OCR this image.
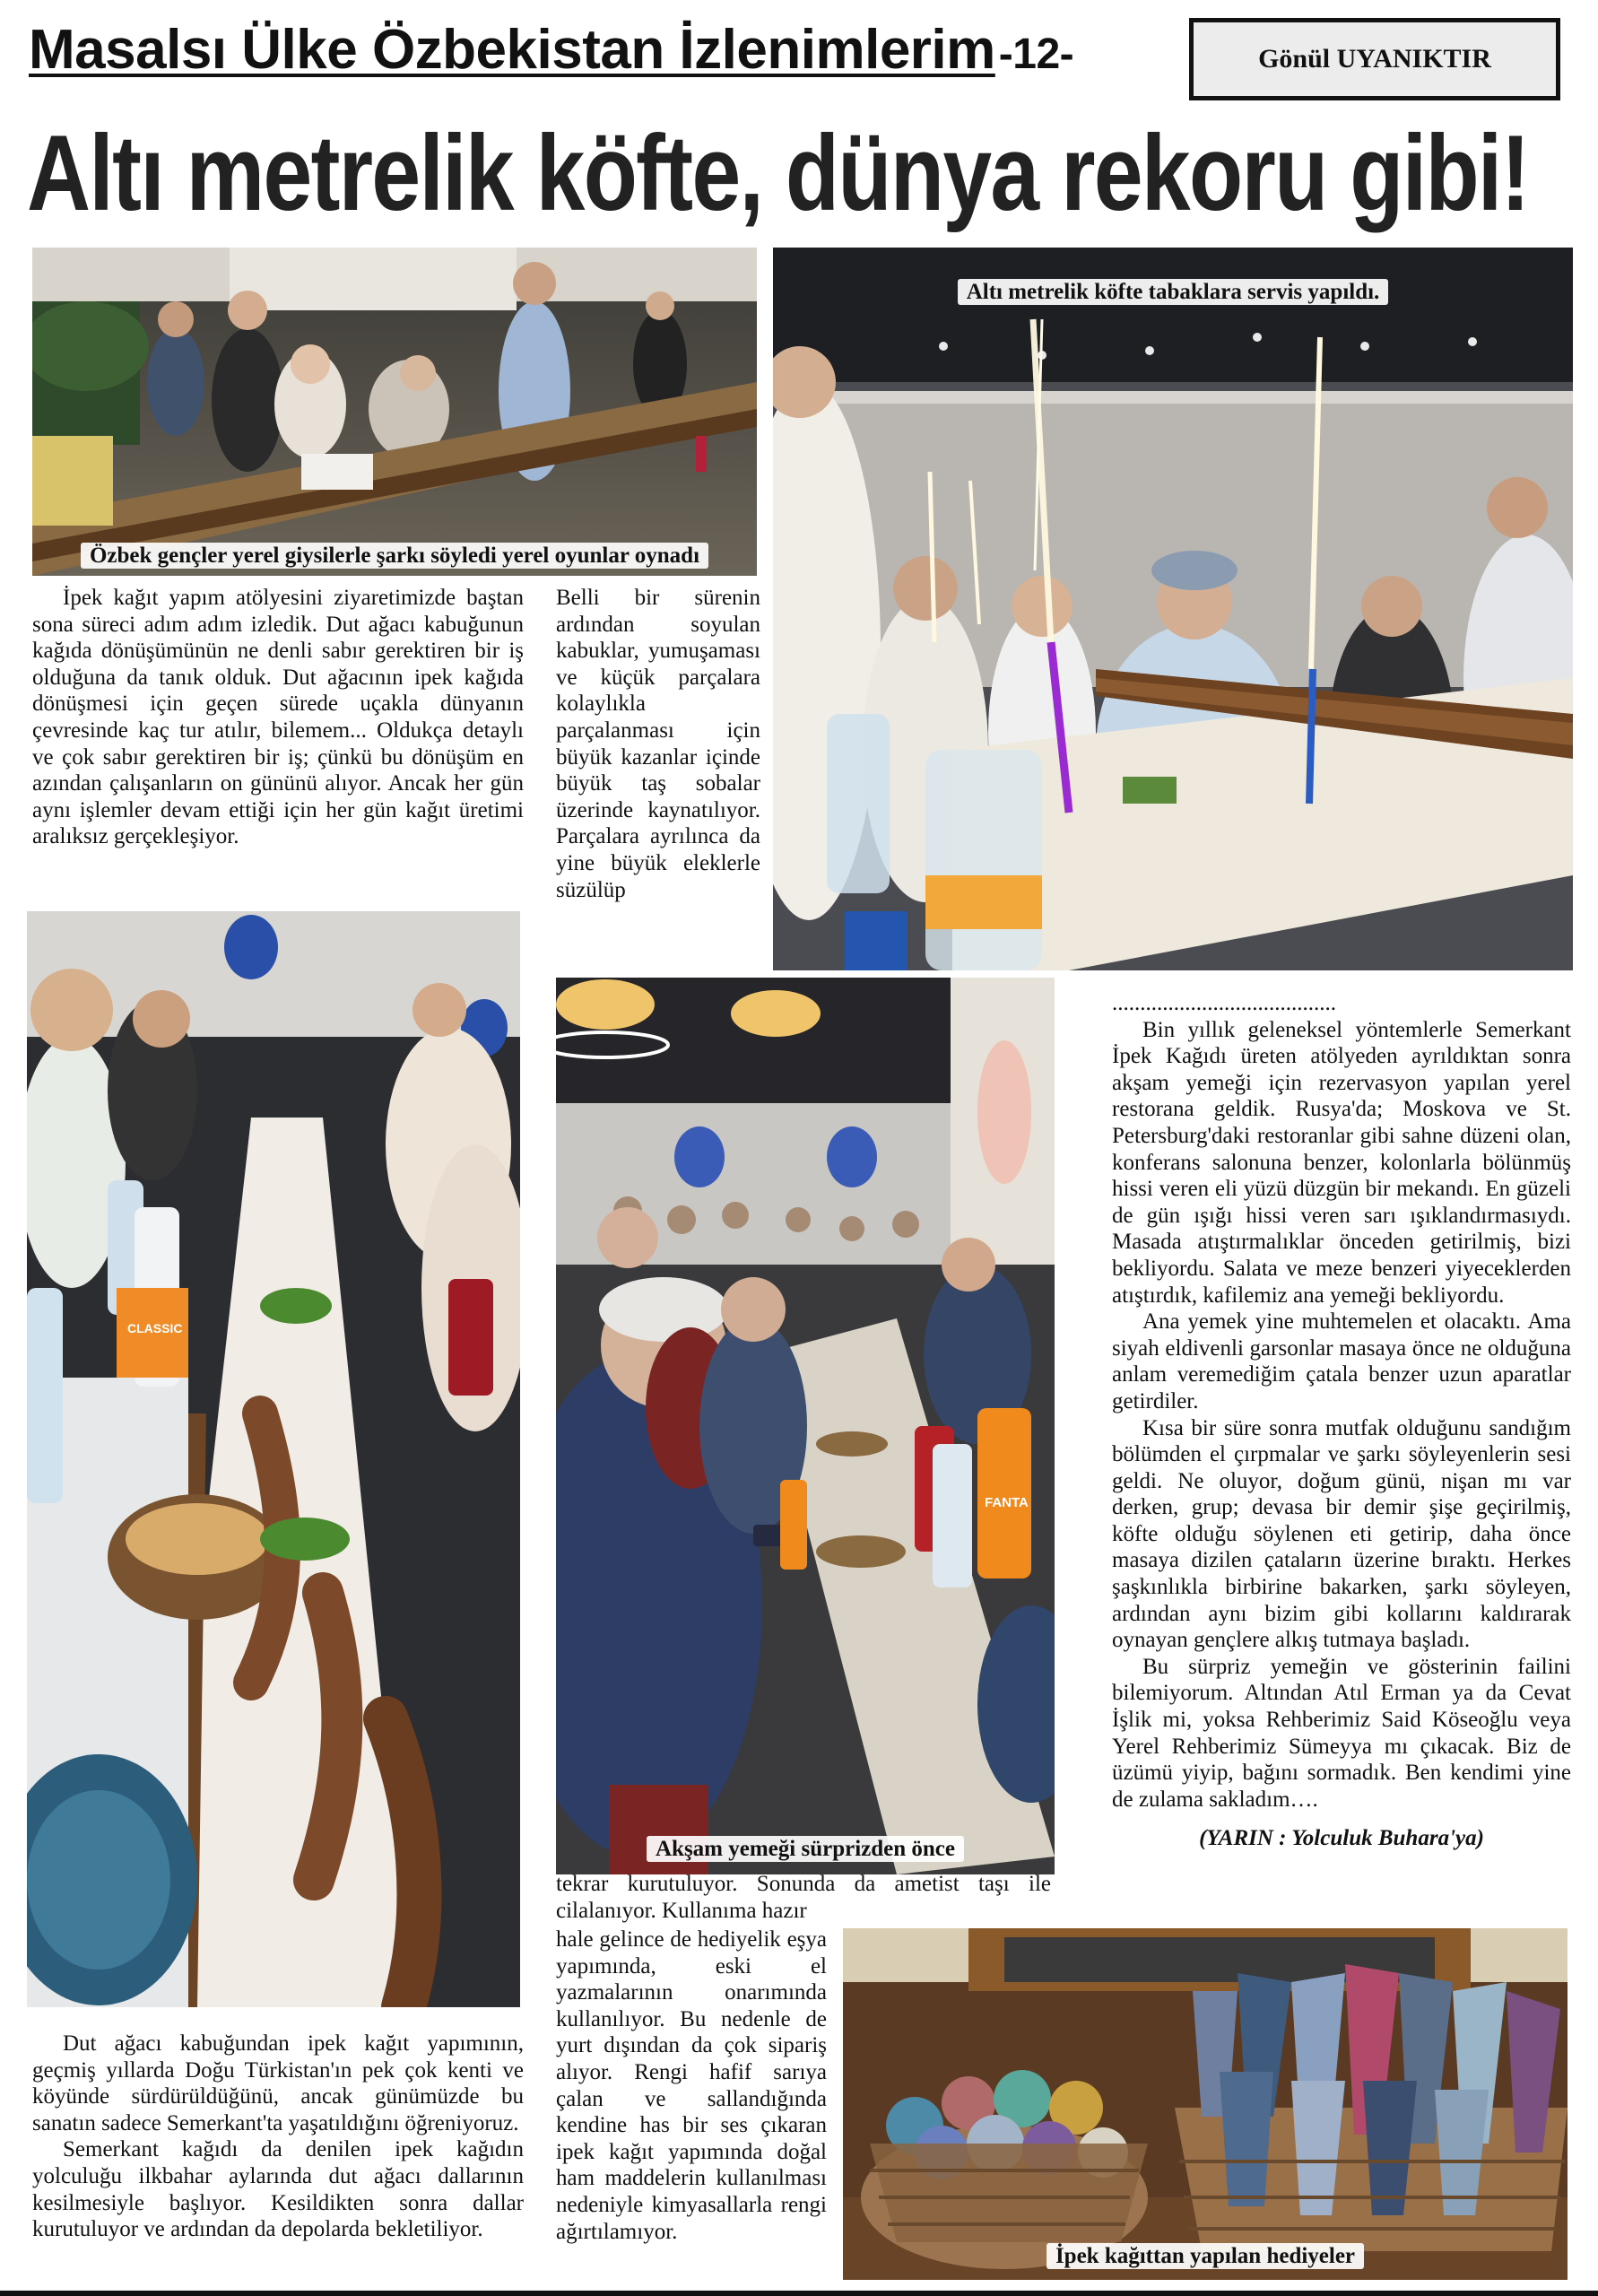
Masalsı Ülke Özbekistan İzlenimlerim-12-	Gönül UYANIKTIR
Altı metrelik köfte, dünya rekoru gibi!
Özbek gençler yerel giysilerle şarkı söyledi yerel oyunlar oynadı
Altı metrelik köfte tabaklara servis yapıldı.

İpek kağıt yapım atölyesini ziyaretimizde baştan sona süreci adım adım izledik. Dut ağacı kabuğunun kağıda dönüşümünün ne denli sabır gerektiren bir iş olduğuna da tanık olduk. Dut ağacının ipek kağıda dönüşmesi için geçen sürede uçakla dünyanın çevresinde kaç tur atılır, bilemem... Oldukça detaylı ve çok sabır gerektiren bir iş; çünkü bu dönüşüm en azından çalışanların on gününü alıyor. Ancak her gün aynı işlemler devam ettiği için her gün kağıt üretimi aralıksız gerçekleşiyor.

Belli bir sürenin ardından soyulan kabuklar, yumuşaması ve küçük parçalara kolaylıkla parçalanması için büyük kazanlar içinde büyük taş sobalar üzerinde kaynatılıyor. Parçalara ayrılınca da yine büyük eleklerle süzülüp

CLASSIC
FANTA
Akşam yemeği sürprizden önce

........................................

Bin yıllık geleneksel yöntemlerle Semerkant İpek Kağıdı üreten atölyeden ayrıldıktan sonra akşam yemeği için rezervasyon yapılan yerel restorana geldik. Rusya'da; Moskova ve St. Petersburg'daki restoranlar gibi sahne düzeni olan, konferans salonuna benzer, kolonlarla bölünmüş hissi veren eli yüzü düzgün bir mekandı. En güzeli de gün ışığı hissi veren sarı ışıklandırmasıydı. Masada atıştırmalıklar önceden getirilmiş, bizi bekliyordu. Salata ve meze benzeri yiyeceklerden atıştırdık, kafilemiz ana yemeği bekliyordu.

Ana yemek yine muhtemelen et olacaktı. Ama siyah eldivenli garsonlar masaya önce ne olduğuna anlam veremediğim çatala benzer uzun aparatlar getirdiler.

Kısa bir süre sonra mutfak olduğunu sandığım bölümden el çırpmalar ve şarkı söyleyenlerin sesi geldi. Ne oluyor, doğum günü, nişan mı var derken, grup; devasa bir demir şişe geçirilmiş, köfte olduğu söylenen eti getirip, daha önce masaya dizilen çataların üzerine bıraktı. Herkes şaşkınlıkla birbirine bakarken, şarkı söyleyen, ardından aynı bizim gibi kollarını kaldırarak oynayan gençlere alkış tutmaya başladı.

Bu sürpriz yemeğin ve gösterinin failini bilemiyorum. Altından Atıl Erman ya da Cevat İşlik mi, yoksa Rehberimiz Said Köseoğlu veya Yerel Rehberimiz Sümeyya mı çıkacak. Biz de üzümü yiyip, bağını sormadık. Ben kendimi yine de zulama sakladım….

(YARIN : Yolculuk Buhara'ya)

tekrar kurutuluyor. Sonunda da ametist taşı ile cilalanıyor. Kullanıma hazır

hale gelince de hediyelik eşya yapımında, eski el yazmalarının onarımında kullanılıyor. Bu nedenle de yurt dışından da çok sipariş alıyor. Rengi hafif sarıya çalan ve sallandığında kendine has bir ses çıkaran ipek kağıt yapımında doğal ham maddelerin kullanılması nedeniyle kimyasallarla rengi ağırtılamıyor.

Dut ağacı kabuğundan ipek kağıt yapımının, geçmiş yıllarda Doğu Türkistan'ın pek çok kenti ve köyünde sürdürüldüğünü, ancak günümüzde bu sanatın sadece Semerkant'ta yaşatıldığını öğreniyoruz.

Semerkant kağıdı da denilen ipek kağıdın yolculuğu ilkbahar aylarında dut ağacı dallarının kesilmesiyle başlıyor. Kesildikten sonra dallar kurutuluyor ve ardından da depolarda bekletiliyor.

İpek kağıttan yapılan hediyeler
